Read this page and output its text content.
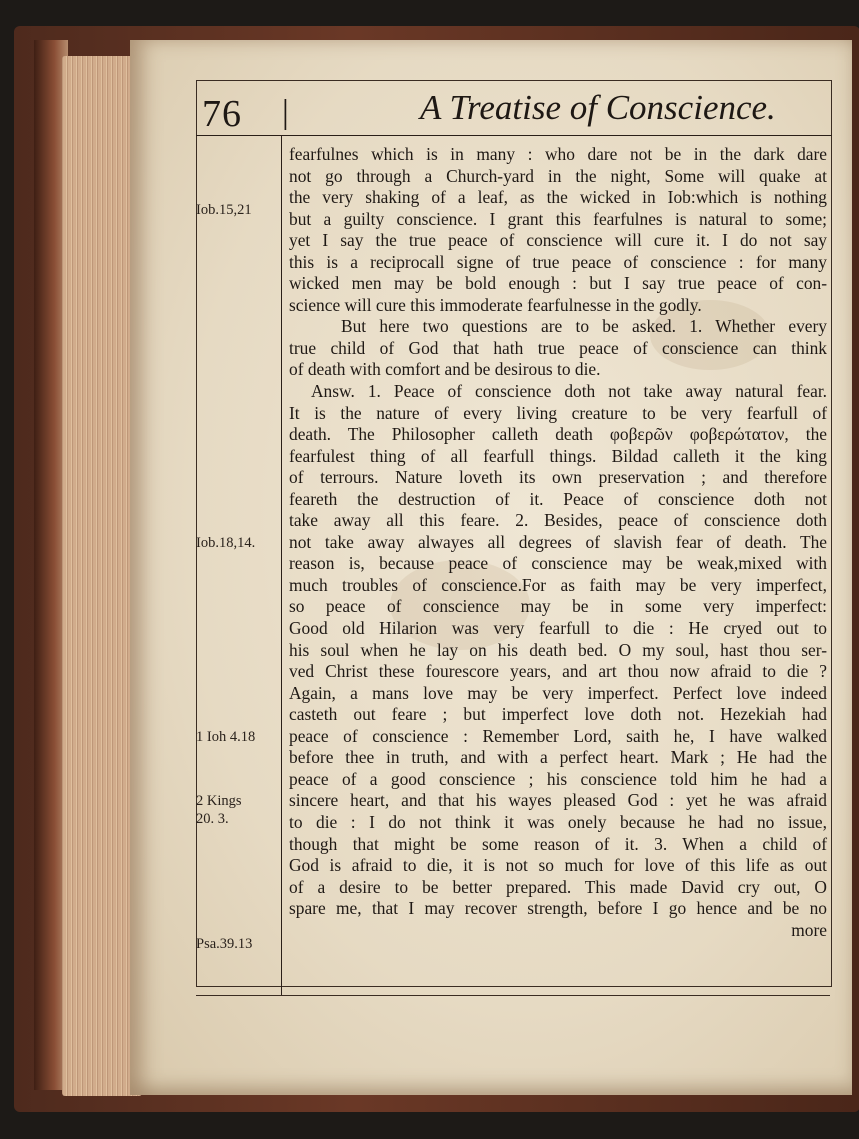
76 |	A Treatise of Conscience.
Iob.15,21
Iob.18,14.
1 Ioh 4.18
2 Kings
20. 3.
Psa.39.13
fearfulnes which is in many : who dare not be in the dark dare
not go through a Church-yard in the night, Some will quake at
the very shaking of a leaf, as the wicked in Iob:which is nothing
but a guilty conscience. I grant this fearfulnes is natural to some;
yet I say the true peace of conscience will cure it. I do not say
this is a reciprocall signe of true peace of conscience : for many
wicked men may be bold enough : but I say true peace of con-
science will cure this immoderate fearfulnesse in the godly.
But here two questions are to be asked. 1. Whether every
true child of God that hath true peace of conscience can think
of death with comfort and be desirous to die.
Answ. 1. Peace of conscience doth not take away natural fear.
It is the nature of every living creature to be very fearfull of
death. The Philosopher calleth death φοβερῶν φοβερώτατον, the
fearfulest thing of all fearfull things. Bildad calleth it the king
of terrours. Nature loveth its own preservation ; and therefore
feareth the destruction of it. Peace of conscience doth not
take away all this feare. 2. Besides, peace of conscience doth
not take away alwayes all degrees of slavish fear of death. The
reason is, because peace of conscience may be weak,mixed with
much troubles of conscience.For as faith may be very imperfect,
so peace of conscience may be in some very imperfect:
Good old Hilarion was very fearfull to die : He cryed out to
his soul when he lay on his death bed. O my soul, hast thou ser-
ved Christ these fourescore years, and art thou now afraid to die ?
Again, a mans love may be very imperfect. Perfect love indeed
casteth out feare ; but imperfect love doth not. Hezekiah had
peace of conscience : Remember Lord, saith he, I have walked
before thee in truth, and with a perfect heart. Mark ; He had the
peace of a good conscience ; his conscience told him he had a
sincere heart, and that his wayes pleased God : yet he was afraid
to die : I do not think it was onely because he had no issue,
though that might be some reason of it. 3. When a child of
God is afraid to die, it is not so much for love of this life as out
of a desire to be better prepared. This made David cry out, O
spare me, that I may recover strength, before I go hence and be no
more
